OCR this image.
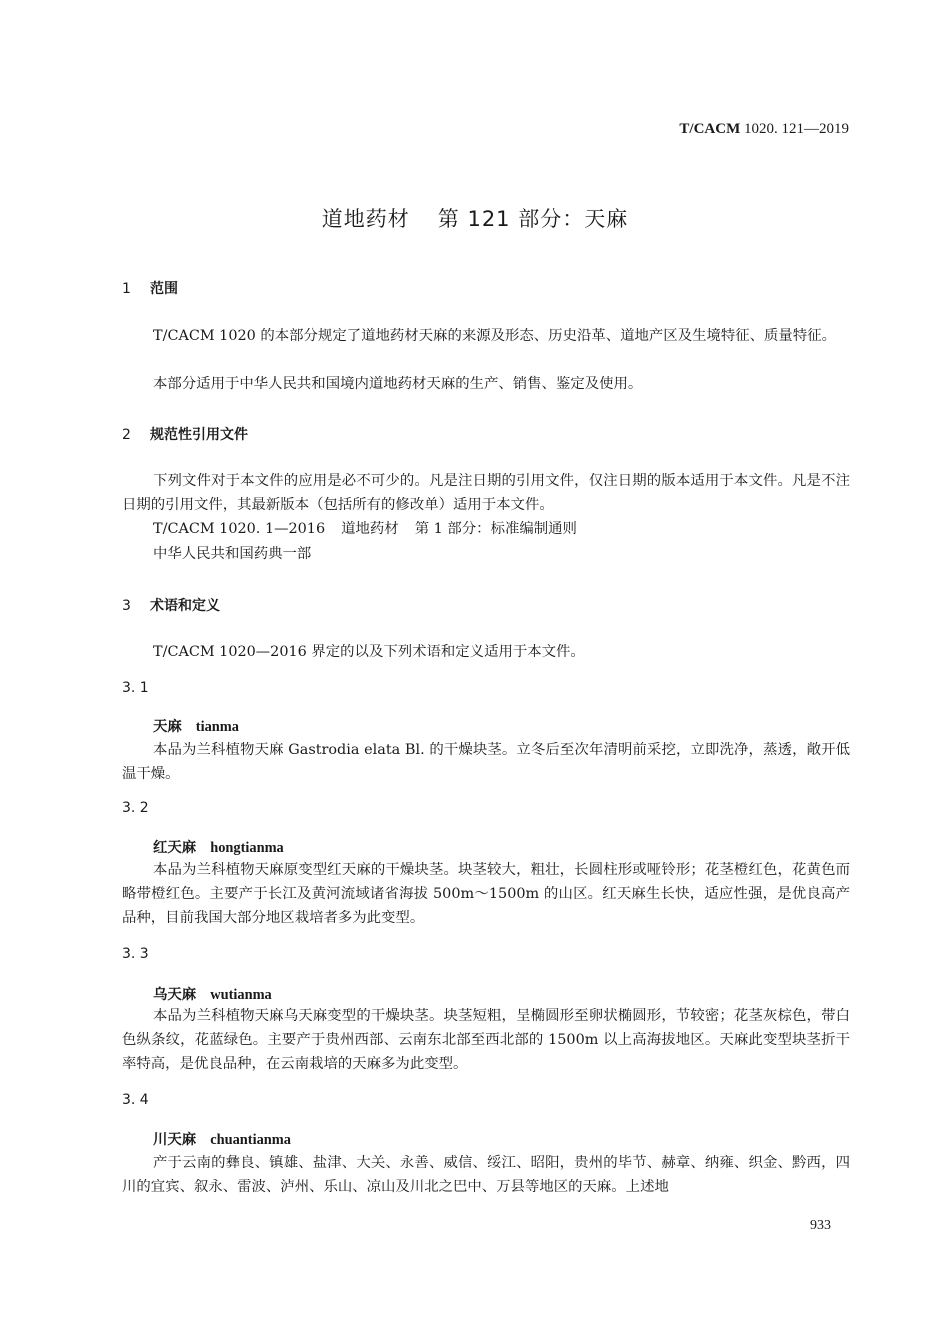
T/CACM 1020. 121—2019
道地药材 第 121 部分：天麻
1 范围
T/CACM 1020 的本部分规定了道地药材天麻的来源及形态、历史沿革、道地产区及生境特征、质量特征。
本部分适用于中华人民共和国境内道地药材天麻的生产、销售、鉴定及使用。
2 规范性引用文件
下列文件对于本文件的应用是必不可少的。凡是注日期的引用文件，仅注日期的版本适用于本文件。凡是不注日期的引用文件，其最新版本（包括所有的修改单）适用于本文件。
T/CACM 1020. 1—2016 道地药材 第 1 部分：标准编制通则
中华人民共和国药典一部
3 术语和定义
T/CACM 1020—2016 界定的以及下列术语和定义适用于本文件。
3. 1
天麻 tianma
本品为兰科植物天麻 Gastrodia elata Bl. 的干燥块茎。立冬后至次年清明前采挖，立即洗净，蒸透，敞开低温干燥。
3. 2
红天麻 hongtianma
本品为兰科植物天麻原变型红天麻的干燥块茎。块茎较大，粗壮，长圆柱形或哑铃形；花茎橙红色，花黄色而略带橙红色。主要产于长江及黄河流域诸省海拔 500m～1500m 的山区。红天麻生长快，适应性强，是优良高产品种，目前我国大部分地区栽培者多为此变型。
3. 3
乌天麻 wutianma
本品为兰科植物天麻乌天麻变型的干燥块茎。块茎短粗，呈椭圆形至卵状椭圆形，节较密；花茎灰棕色，带白色纵条纹，花蓝绿色。主要产于贵州西部、云南东北部至西北部的 1500m 以上高海拔地区。天麻此变型块茎折干率特高，是优良品种，在云南栽培的天麻多为此变型。
3. 4
川天麻 chuantianma
产于云南的彝良、镇雄、盐津、大关、永善、威信、绥江、昭阳，贵州的毕节、赫章、纳雍、织金、黔西，四川的宜宾、叙永、雷波、泸州、乐山、凉山及川北之巴中、万县等地区的天麻。上述地
933
